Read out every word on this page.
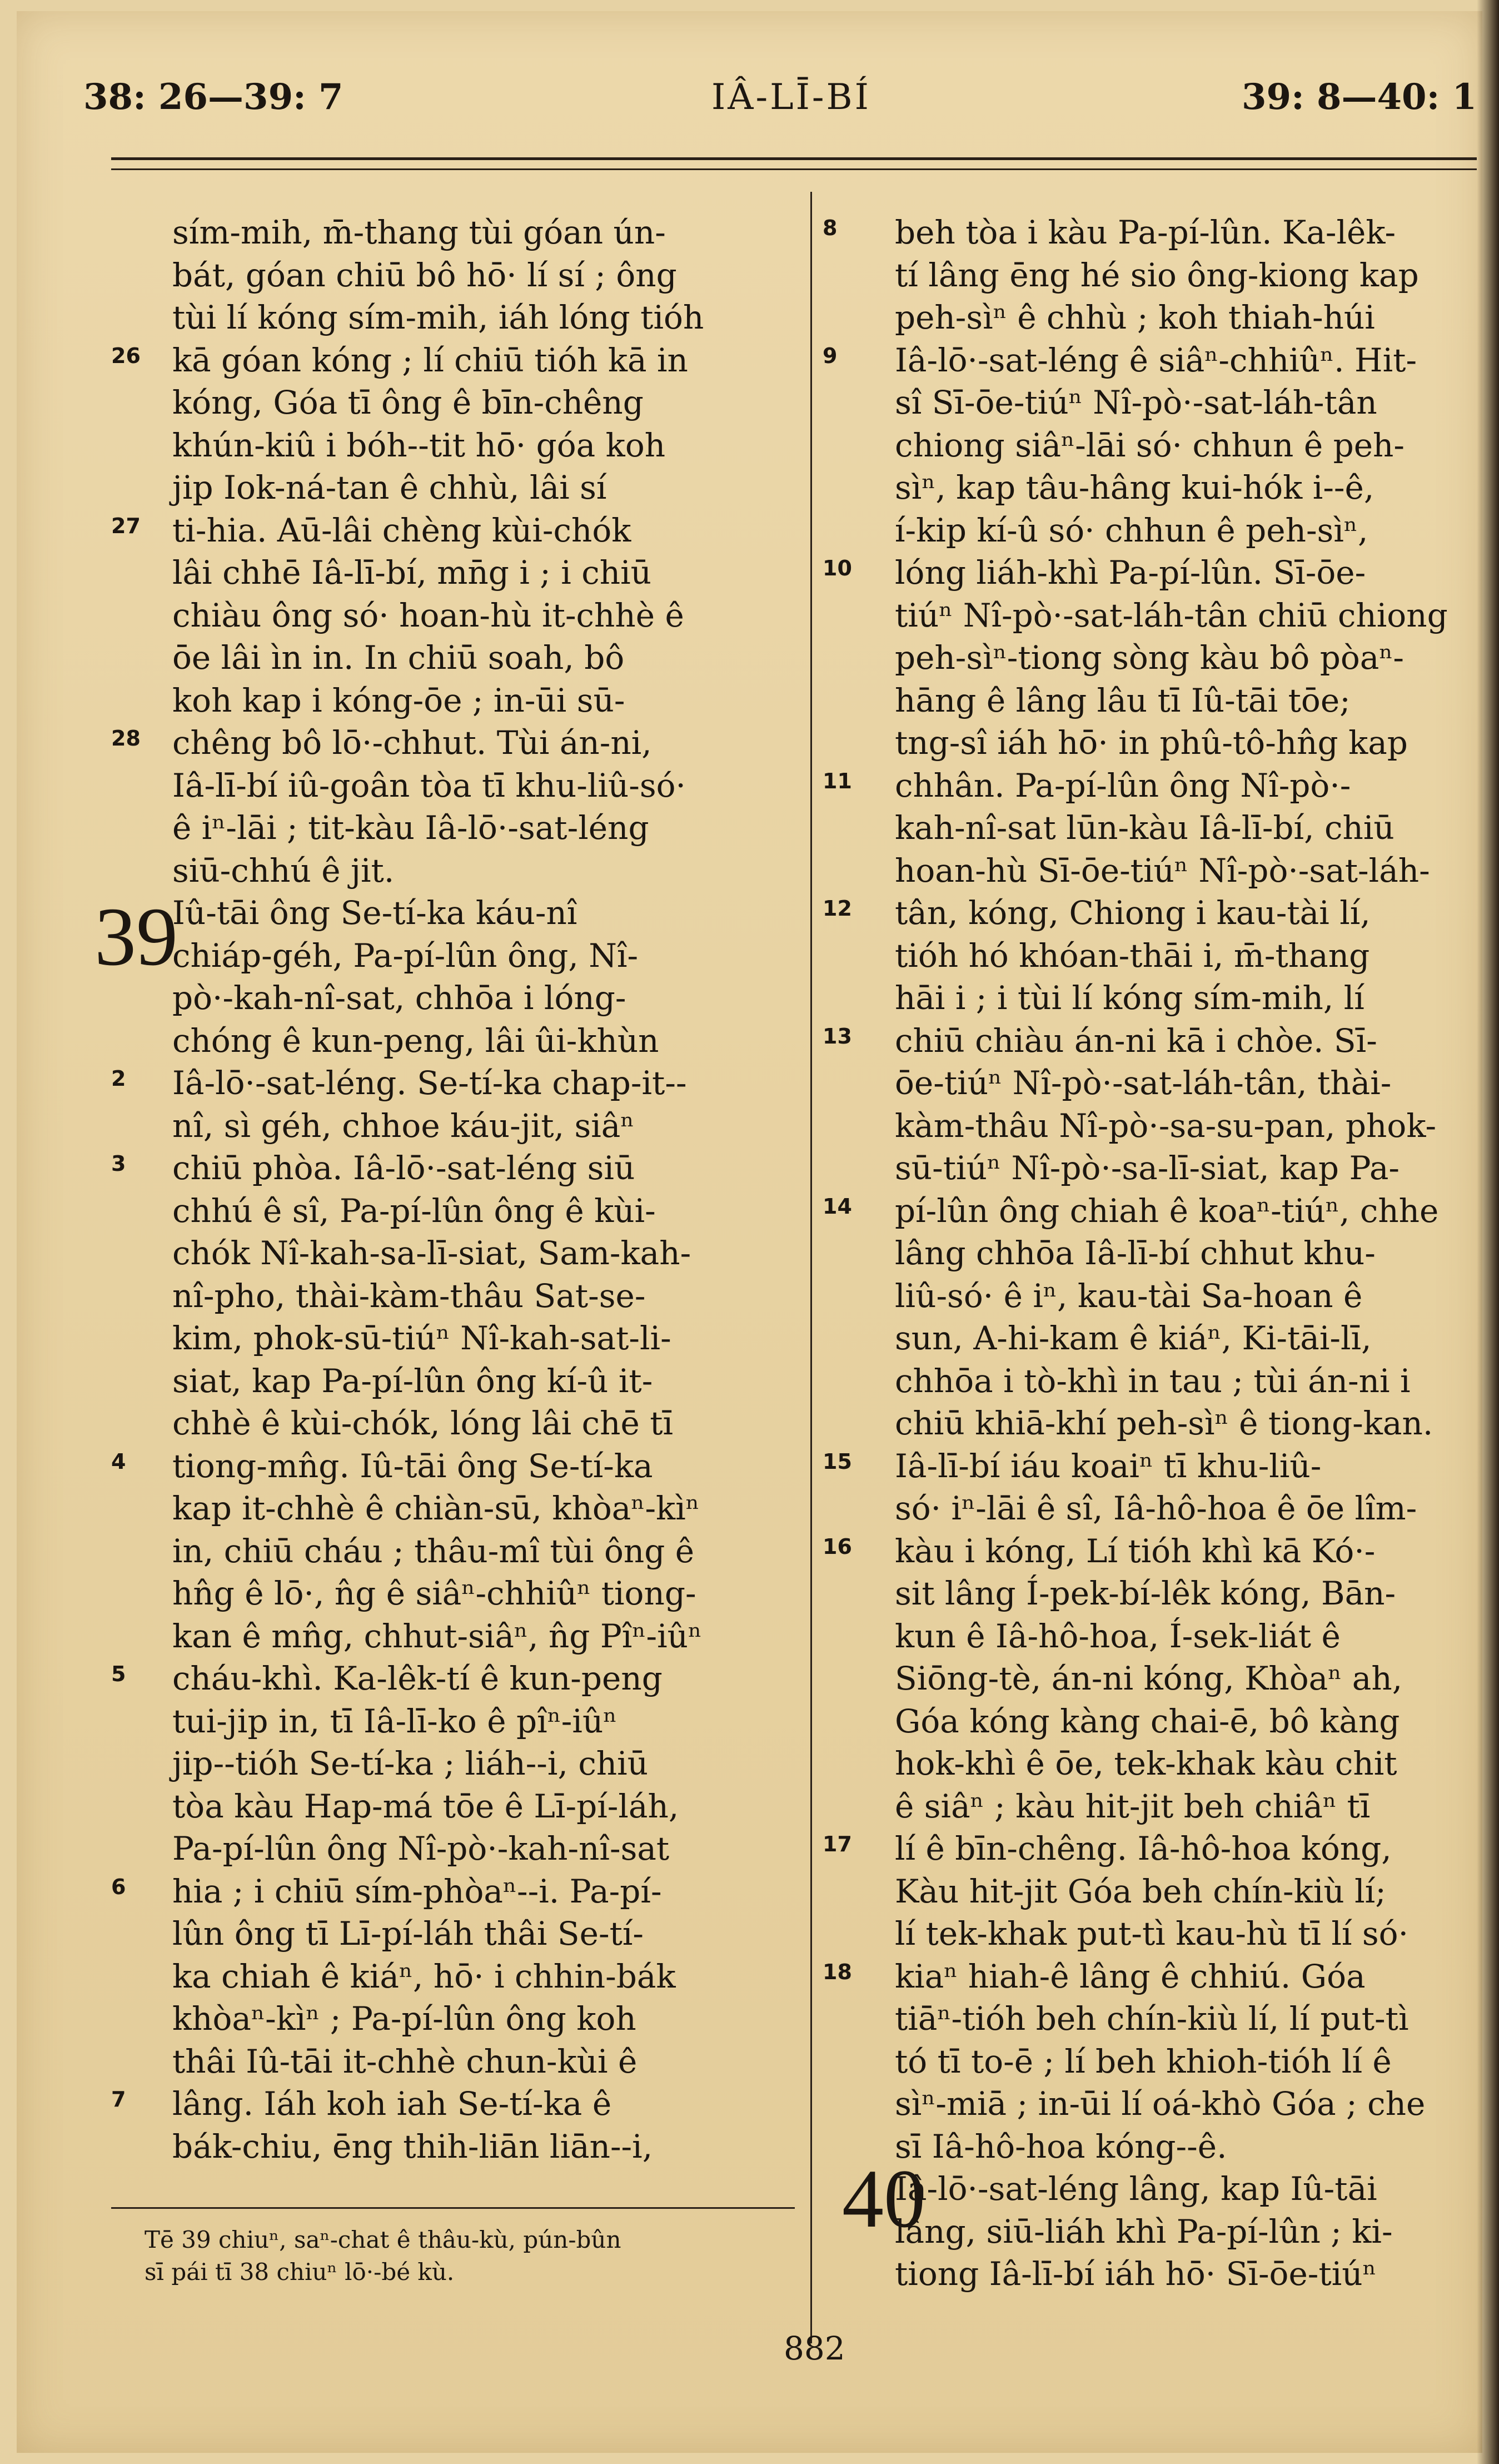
38: 26—39: 7	IÂ-LĪ-BÍ	39: 8—40: 1
sím-mih, m̄-thang tùi góan ún-
bát, góan chiū bô hō· lí sí ; ông
tùi lí kóng sím-mih, iáh lóng tióh
26 kā góan kóng ; lí chiū tióh kā in
kóng, Góa tī ông ê bīn-chêng
khún-kiû i bóh--tit hō· góa koh
jip Iok-ná-tan ê chhù, lâi sí
27 ti-hia. Aū-lâi chèng kùi-chók
lâi chhē Iâ-lī-bí, mn̄g i ; i chiū
chiàu ông só· hoan-hù it-chhè ê
ōe lâi ìn in. In chiū soah, bô
koh kap i kóng-ōe ; in-ūi sū-
28 chêng bô lō·-chhut. Tùi án-ni,
Iâ-lī-bí iû-goân tòa tī khu-liû-só·
ê iⁿ-lāi ; tit-kàu Iâ-lō·-sat-léng
siū-chhú ê jit.
Iû-tāi ông Se-tí-ka káu-nî
chiáp-géh, Pa-pí-lûn ông, Nî-
pò·-kah-nî-sat, chhōa i lóng-
chóng ê kun-peng, lâi ûi-khùn
2 Iâ-lō·-sat-léng. Se-tí-ka chap-it--
nî, sì géh, chhoe káu-jit, siâⁿ
3 chiū phòa. Iâ-lō·-sat-léng siū
chhú ê sî, Pa-pí-lûn ông ê kùi-
chók Nî-kah-sa-lī-siat, Sam-kah-
nî-pho, thài-kàm-thâu Sat-se-
kim, phok-sū-tiúⁿ Nî-kah-sat-li-
siat, kap Pa-pí-lûn ông kí-û it-
chhè ê kùi-chók, lóng lâi chē tī
4 tiong-mn̂g. Iû-tāi ông Se-tí-ka
kap it-chhè ê chiàn-sū, khòaⁿ-kìⁿ
in, chiū cháu ; thâu-mî tùi ông ê
hn̂g ê lō·, n̂g ê siâⁿ-chhiûⁿ tiong-
kan ê mn̂g, chhut-siâⁿ, n̂g Pîⁿ-iûⁿ
5 cháu-khì. Ka-lêk-tí ê kun-peng
tui-jip in, tī Iâ-lī-ko ê pîⁿ-iûⁿ
jip--tióh Se-tí-ka ; liáh--i, chiū
tòa kàu Hap-má tōe ê Lī-pí-láh,
Pa-pí-lûn ông Nî-pò·-kah-nî-sat
6 hia ; i chiū sím-phòaⁿ--i. Pa-pí-
lûn ông tī Lī-pí-láh thâi Se-tí-
ka chiah ê kiáⁿ, hō· i chhin-bák
khòaⁿ-kìⁿ ; Pa-pí-lûn ông koh
thâi Iû-tāi it-chhè chun-kùi ê
7 lâng. Iáh koh iah Se-tí-ka ê
bák-chiu, ēng thih-liān liān--i,
8 beh tòa i kàu Pa-pí-lûn. Ka-lêk-
tí lâng ēng hé sio ông-kiong kap
peh-sìⁿ ê chhù ; koh thiah-húi
9 Iâ-lō·-sat-léng ê siâⁿ-chhiûⁿ. Hit-
sî Sī-ōe-tiúⁿ Nî-pò·-sat-láh-tân
chiong siâⁿ-lāi só· chhun ê peh-
sìⁿ, kap tâu-hâng kui-hók i--ê,
í-kip kí-û só· chhun ê peh-sìⁿ,
10 lóng liáh-khì Pa-pí-lûn. Sī-ōe-
tiúⁿ Nî-pò·-sat-láh-tân chiū chiong
peh-sìⁿ-tiong sòng kàu bô pòaⁿ-
hāng ê lâng lâu tī Iû-tāi tōe;
tng-sî iáh hō· in phû-tô-hn̂g kap
11 chhân. Pa-pí-lûn ông Nî-pò·-
kah-nî-sat lūn-kàu Iâ-lī-bí, chiū
hoan-hù Sī-ōe-tiúⁿ Nî-pò·-sat-láh-
12 tân, kóng, Chiong i kau-tài lí,
tióh hó khóan-thāi i, m̄-thang
hāi i ; i tùi lí kóng sím-mih, lí
13 chiū chiàu án-ni kā i chòe. Sī-
ōe-tiúⁿ Nî-pò·-sat-láh-tân, thài-
kàm-thâu Nî-pò·-sa-su-pan, phok-
sū-tiúⁿ Nî-pò·-sa-lī-siat, kap Pa-
14 pí-lûn ông chiah ê koaⁿ-tiúⁿ, chhe
lâng chhōa Iâ-lī-bí chhut khu-
liû-só· ê iⁿ, kau-tài Sa-hoan ê
sun, A-hi-kam ê kiáⁿ, Ki-tāi-lī,
chhōa i tò-khì in tau ; tùi án-ni i
chiū khiā-khí peh-sìⁿ ê tiong-kan.
15 Iâ-lī-bí iáu koaiⁿ tī khu-liû-
só· iⁿ-lāi ê sî, Iâ-hô-hoa ê ōe lîm-
16 kàu i kóng, Lí tióh khì kā Kó·-
sit lâng Í-pek-bí-lêk kóng, Bān-
kun ê Iâ-hô-hoa, Í-sek-liát ê
Siōng-tè, án-ni kóng, Khòaⁿ ah,
Góa kóng kàng chai-ē, bô kàng
hok-khì ê ōe, tek-khak kàu chit
ê siâⁿ ; kàu hit-jit beh chiâⁿ tī
17 lí ê bīn-chêng. Iâ-hô-hoa kóng,
Kàu hit-jit Góa beh chín-kiù lí;
lí tek-khak put-tì kau-hù tī lí só·
18 kiaⁿ hiah-ê lâng ê chhiú. Góa
tiāⁿ-tióh beh chín-kiù lí, lí put-tì
tó tī to-ē ; lí beh khioh-tióh lí ê
sìⁿ-miā ; in-ūi lí oá-khò Góa ; che
sī Iâ-hô-hoa kóng--ê.
Iâ-lō·-sat-léng lâng, kap Iû-tāi
lâng, siū-liáh khì Pa-pí-lûn ; ki-
tiong Iâ-lī-bí iáh hō· Sī-ōe-tiúⁿ
39
40
Tē 39 chiuⁿ, saⁿ-chat ê thâu-kù, pún-bûn
sī pái tī 38 chiuⁿ lō·-bé kù.
882
